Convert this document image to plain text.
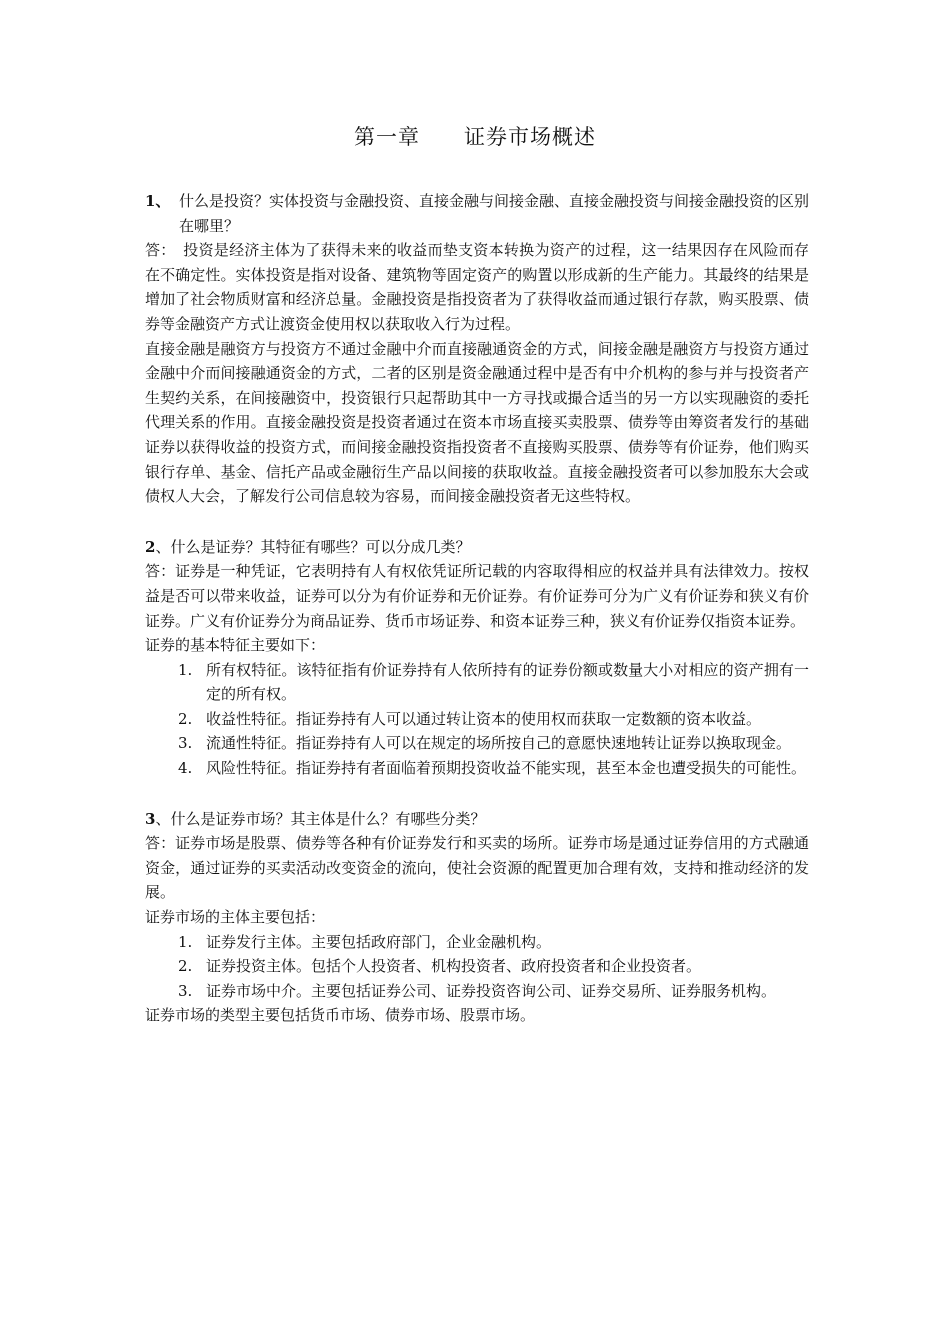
第一章　　证券市场概述
1、 什么是投资？实体投资与金融投资、直接金融与间接金融、直接金融投资与间接金融投资的区别在哪里？

答：　投资是经济主体为了获得未来的收益而垫支资本转换为资产的过程，这一结果因存在风险而存在不确定性。实体投资是指对设备、建筑物等固定资产的购置以形成新的生产能力。其最终的结果是增加了社会物质财富和经济总量。金融投资是指投资者为了获得收益而通过银行存款，购买股票、债券等金融资产方式让渡资金使用权以获取收入行为过程。

直接金融是融资方与投资方不通过金融中介而直接融通资金的方式，间接金融是融资方与投资方通过金融中介而间接融通资金的方式，二者的区别是资金融通过程中是否有中介机构的参与并与投资者产生契约关系，在间接融资中，投资银行只起帮助其中一方寻找或撮合适当的另一方以实现融资的委托代理关系的作用。直接金融投资是投资者通过在资本市场直接买卖股票、债券等由筹资者发行的基础证券以获得收益的投资方式，而间接金融投资指投资者不直接购买股票、债券等有价证券，他们购买银行存单、基金、信托产品或金融衍生产品以间接的获取收益。直接金融投资者可以参加股东大会或债权人大会，了解发行公司信息较为容易，而间接金融投资者无这些特权。

2 、什么是证券？其特征有哪些？可以分成几类？

答：证券是一种凭证，它表明持有人有权依凭证所记载的内容取得相应的权益并具有法律效力。按权益是否可以带来收益，证券可以分为有价证券和无价证券。有价证券可分为广义有价证券和狭义有价证券。广义有价证券分为商品证券、货币市场证券、和资本证券三种，狭义有价证券仅指资本证券。

证券的基本特征主要如下：

1. 所有权特征。该特征指有价证券持有人依所持有的证券份额或数量大小对相应的资产拥有一定的所有权。
2. 收益性特征。指证券持有人可以通过转让资本的使用权而获取一定数额的资本收益。
3. 流通性特征。指证券持有人可以在规定的场所按自己的意愿快速地转让证券以换取现金。
4. 风险性特征。指证券持有者面临着预期投资收益不能实现，甚至本金也遭受损失的可能性。
3 、什么是证券市场？其主体是什么？有哪些分类？

答：证券市场是股票、债券等各种有价证券发行和买卖的场所。证券市场是通过证券信用的方式融通资金，通过证券的买卖活动改变资金的流向，使社会资源的配置更加合理有效，支持和推动经济的发展。

证券市场的主体主要包括：

1. 证券发行主体。主要包括政府部门，企业金融机构。
2. 证券投资主体。包括个人投资者、机构投资者、政府投资者和企业投资者。
3. 证券市场中介。主要包括证券公司、证券投资咨询公司、证券交易所、证券服务机构。

证券市场的类型主要包括货币市场、债券市场、股票市场。
